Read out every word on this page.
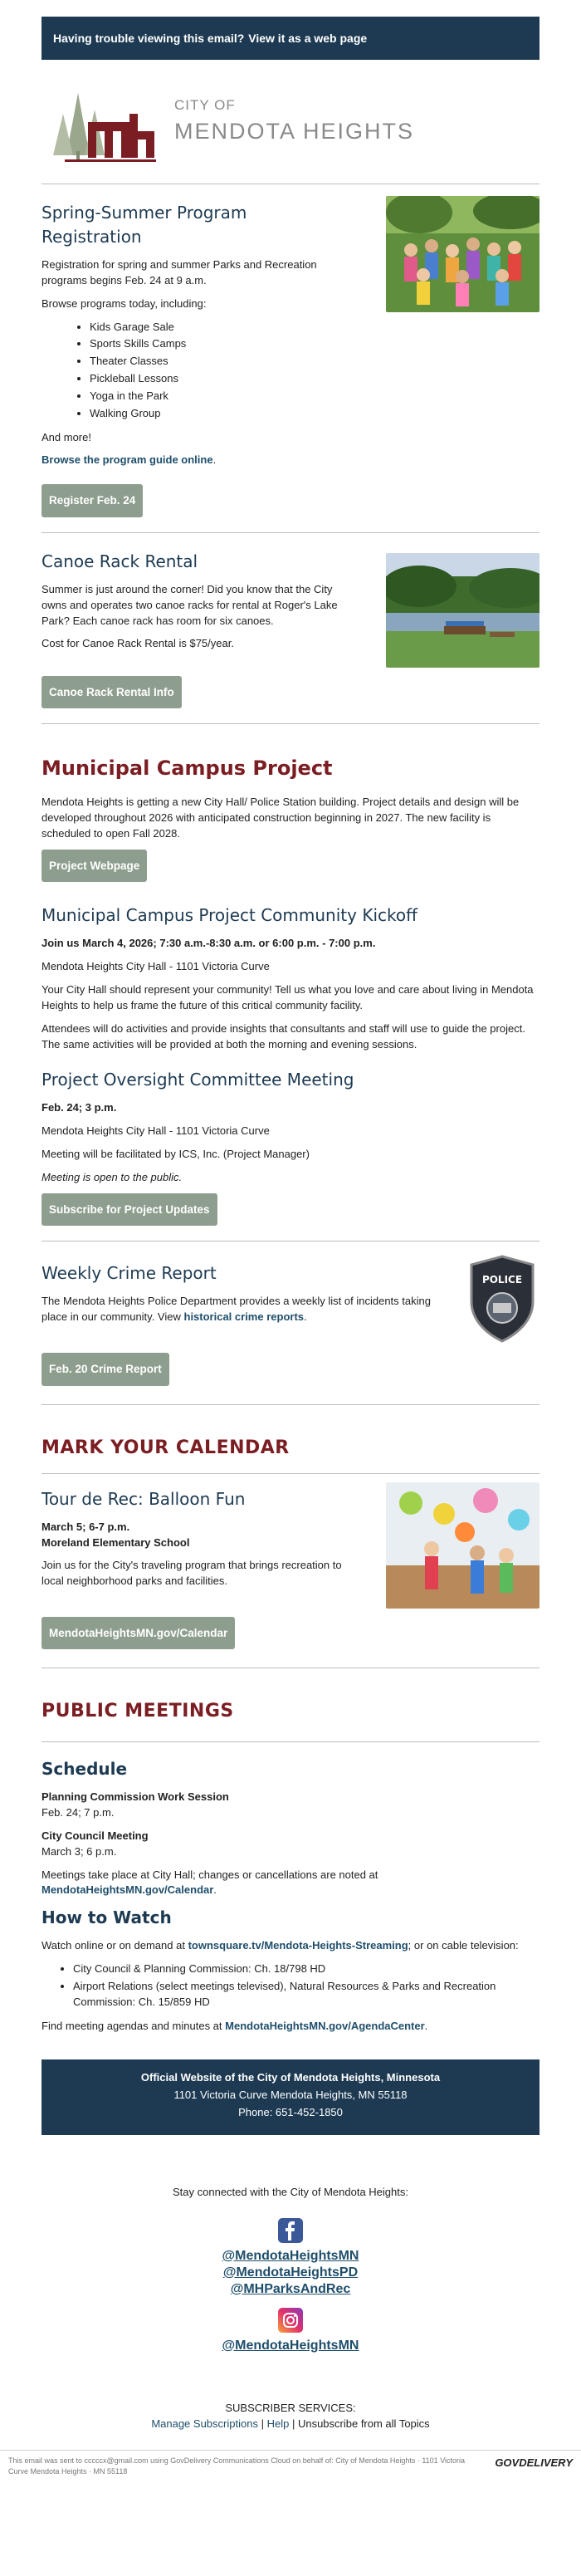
Having trouble viewing this email? View it as a web page
CITY OF
MENDOTA HEIGHTS
Spring-Summer Program Registration

Registration for spring and summer Parks and Recreation programs begins Feb. 24 at 9 a.m.

Browse programs today, including:

• Kids Garage Sale
• Sports Skills Camps
• Theater Classes
• Pickleball Lessons
• Yoga in the Park
• Walking Group

And more!

Browse the program guide online.

Register Feb. 24
Canoe Rack Rental

Summer is just around the corner! Did you know that the City owns and operates two canoe racks for rental at Roger's Lake Park? Each canoe rack has room for six canoes.

Cost for Canoe Rack Rental is $75/year.

Canoe Rack Rental Info
Municipal Campus Project

Mendota Heights is getting a new City Hall/ Police Station building. Project details and design will be developed throughout 2026 with anticipated construction beginning in 2027. The new facility is scheduled to open Fall 2028.

Project Webpage
Municipal Campus Project Community Kickoff

Join us March 4, 2026; 7:30 a.m.-8:30 a.m. or 6:00 p.m. - 7:00 p.m.

Mendota Heights City Hall - 1101 Victoria Curve

Your City Hall should represent your community! Tell us what you love and care about living in Mendota Heights to help us frame the future of this critical community facility.

Attendees will do activities and provide insights that consultants and staff will use to guide the project. The same activities will be provided at both the morning and evening sessions.

Project Oversight Committee Meeting

Feb. 24; 3 p.m.

Mendota Heights City Hall - 1101 Victoria Curve

Meeting will be facilitated by ICS, Inc. (Project Manager)

Meeting is open to the public.

Subscribe for Project Updates
Weekly Crime Report

The Mendota Heights Police Department provides a weekly list of incidents taking place in our community. View historical crime reports.

POLICE
Feb. 20 Crime Report
MARK YOUR CALENDAR
Tour de Rec: Balloon Fun

March 5; 6-7 p.m.

Moreland Elementary School

Join us for the City's traveling program that brings recreation to local neighborhood parks and facilities.

MendotaHeightsMN.gov/Calendar
PUBLIC MEETINGS
Schedule

Planning Commission Work Session

Feb. 24; 7 p.m.

City Council Meeting

March 3; 6 p.m.

Meetings take place at City Hall; changes or cancellations are noted at MendotaHeightsMN.gov/Calendar.

How to Watch

Watch online or on demand at townsquare.tv/Mendota-Heights-Streaming; or on cable television:

• City Council & Planning Commission: Ch. 18/798 HD
• Airport Relations (select meetings televised), Natural Resources & Parks and Recreation Commission: Ch. 15/859 HD

Find meeting agendas and minutes at MendotaHeightsMN.gov/AgendaCenter.

Official Website of the City of Mendota Heights, Minnesota
1101 Victoria Curve Mendota Heights, MN 55118
Phone: 651-452-1850

Stay connected with the City of Mendota Heights:

@MendotaHeightsMN
@MendotaHeightsPD
@MHParksAndRec
@MendotaHeightsMN
SUBSCRIBER SERVICES:
Manage Subscriptions | Help | Unsubscribe from all Topics
This email was sent to cccccx@gmail.com using GovDelivery Communications Cloud on behalf of: City of Mendota Heights · 1101 Victoria Curve Mendota Heights · MN 55118
GOVDELIVERY
